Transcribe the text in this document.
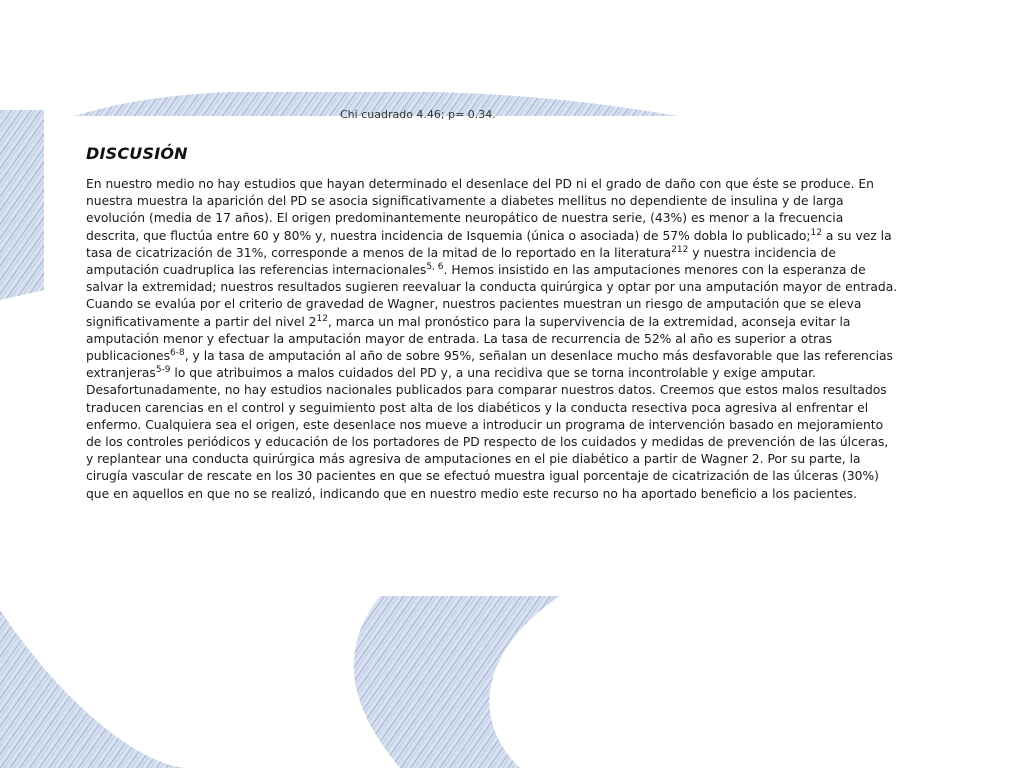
Chi cuadrado 4.46; p= 0.34.
DISCUSIÓN

En nuestro medio no hay estudios que hayan determinado el desenlace del PD ni el grado de daño con que éste se produce. En nuestra muestra la aparición del PD se asocia significativamente a diabetes mellitus no dependiente de insulina y de larga evolución (media de 17 años). El origen predominantemente neuropático de nuestra serie, (43%) es menor a la frecuencia descrita, que fluctúa entre 60 y 80% y, nuestra incidencia de Isquemia (única o asociada) de 57% dobla lo publicado;$^{12}$ a su vez la tasa de cicatrización de 31%, corresponde a menos de la mitad de lo reportado en la literatura$^{212}$ y nuestra incidencia de amputación cuadruplica las referencias internacionales$^{5, 6}$. Hemos insistido en las amputaciones menores con la esperanza de salvar la extremidad; nuestros resultados sugieren reevaluar la conducta quirúrgica y optar por una amputación mayor de entrada. Cuando se evalúa por el criterio de gravedad de Wagner, nuestros pacientes muestran un riesgo de amputación que se eleva significativamente a partir del nivel $2^{12}$, marca un mal pronóstico para la supervivencia de la extremidad, aconseja evitar la amputación menor y efectuar la amputación mayor de entrada. La tasa de recurrencia de 52% al año es superior a otras publicaciones$^{6-8}$, y la tasa de amputación al año de sobre 95%, señalan un desenlace mucho más desfavorable que las referencias extranjeras$^{5-9}$ lo que atribuimos a malos cuidados del PD y, a una recidiva que se torna incontrolable y exige amputar. Desafortunadamente, no hay estudios nacionales publicados para comparar nuestros datos. Creemos que estos malos resultados traducen carencias en el control y seguimiento post alta de los diabéticos y la conducta resectiva poca agresiva al enfrentar el enfermo. Cualquiera sea el origen, este desenlace nos mueve a introducir un programa de intervención basado en mejoramiento de los controles periódicos y educación de los portadores de PD respecto de los cuidados y medidas de prevención de las úlceras, y replantear una conducta quirúrgica más agresiva de amputaciones en el pie diabético a partir de Wagner 2. Por su parte, la cirugía vascular de rescate en los 30 pacientes en que se efectuó muestra igual porcentaje de cicatrización de las úlceras (30%) que en aquellos en que no se realizó, indicando que en nuestro medio este recurso no ha aportado beneficio a los pacientes.
